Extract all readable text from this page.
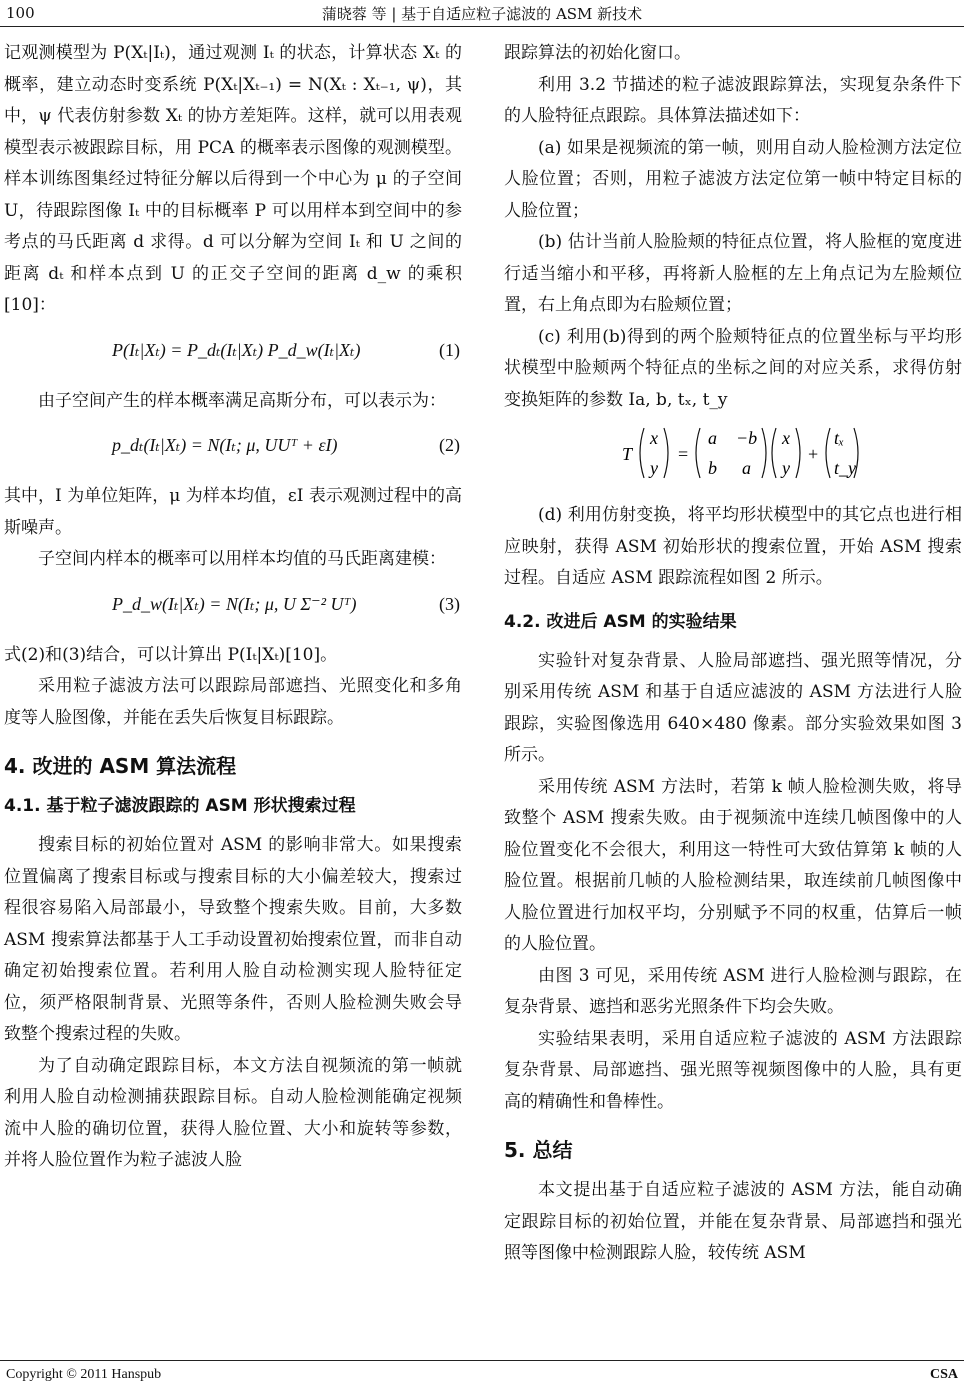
100	蒲晓蓉 等 | 基于自适应粒子滤波的 ASM 新技术

记观测模型为 P(Xₜ|Iₜ)，通过观测 Iₜ 的状态，计算状态 Xₜ 的概率，建立动态时变系统 P(Xₜ|Xₜ₋₁) = N(Xₜ : Xₜ₋₁, ψ)，其中，ψ 代表仿射参数 Xₜ 的协方差矩阵。这样，就可以用表观模型表示被跟踪目标，用 PCA 的概率表示图像的观测模型。样本训练图集经过特征分解以后得到一个中心为 μ 的子空间 U，待跟踪图像 Iₜ 中的目标概率 P 可以用样本到空间中的参考点的马氏距离 d 求得。d 可以分解为空间 Iₜ 和 U 之间的距离 dₜ 和样本点到 U 的正交子空间的距离 d_w 的乘积[10]：

P(Iₜ|Xₜ) = P_dₜ(Iₜ|Xₜ) P_d_w(Iₜ|Xₜ)	(1)

由子空间产生的样本概率满足高斯分布，可以表示为：

p_dₜ(Iₜ|Xₜ) = N(Iₜ; μ, UUᵀ + εI)	(2)

其中，I 为单位矩阵，μ 为样本均值，εI 表示观测过程中的高斯噪声。

子空间内样本的概率可以用样本均值的马氏距离建模：

P_d_w(Iₜ|Xₜ) = N(Iₜ; μ, U Σ⁻² Uᵀ)	(3)

式(2)和(3)结合，可以计算出 P(Iₜ|Xₜ)[10]。

采用粒子滤波方法可以跟踪局部遮挡、光照变化和多角度等人脸图像，并能在丢失后恢复目标跟踪。

4. 改进的 ASM 算法流程
4.1. 基于粒子滤波跟踪的 ASM 形状搜索过程

搜索目标的初始位置对 ASM 的影响非常大。如果搜索位置偏离了搜索目标或与搜索目标的大小偏差较大，搜索过程很容易陷入局部最小，导致整个搜索失败。目前，大多数 ASM 搜索算法都基于人工手动设置初始搜索位置，而非自动确定初始搜索位置。若利用人脸自动检测实现人脸特征定位，须严格限制背景、光照等条件，否则人脸检测失败会导致整个搜索过程的失败。

为了自动确定跟踪目标，本文方法自视频流的第一帧就利用人脸自动检测捕获跟踪目标。自动人脸检测能确定视频流中人脸的确切位置，获得人脸位置、大小和旋转等参数，并将人脸位置作为粒子滤波人脸

跟踪算法的初始化窗口。

利用 3.2 节描述的粒子滤波跟踪算法，实现复杂条件下的人脸特征点跟踪。具体算法描述如下：

(a) 如果是视频流的第一帧，则用自动人脸检测方法定位人脸位置；否则，用粒子滤波方法定位第一帧中特定目标的人脸位置；

(b) 估计当前人脸脸颊的特征点位置，将人脸框的宽度进行适当缩小和平移，再将新人脸框的左上角点记为左脸颊位置，右上角点即为右脸颊位置；

(c) 利用(b)得到的两个脸颊特征点的位置坐标与平均形状模型中脸颊两个特征点的坐标之间的对应关系，求得仿射变换矩阵的参数 Ia, b, tₓ, t_y

T
x
y
=
a −b
b a
x
y
+
tₓ
t_y

(d) 利用仿射变换，将平均形状模型中的其它点也进行相应映射，获得 ASM 初始形状的搜索位置，开始 ASM 搜索过程。自适应 ASM 跟踪流程如图 2 所示。

4.2. 改进后 ASM 的实验结果

实验针对复杂背景、人脸局部遮挡、强光照等情况，分别采用传统 ASM 和基于自适应滤波的 ASM 方法进行人脸跟踪，实验图像选用 640×480 像素。部分实验效果如图 3 所示。

采用传统 ASM 方法时，若第 k 帧人脸检测失败，将导致整个 ASM 搜索失败。由于视频流中连续几帧图像中的人脸位置变化不会很大，利用这一特性可大致估算第 k 帧的人脸位置。根据前几帧的人脸检测结果，取连续前几帧图像中人脸位置进行加权平均，分别赋予不同的权重，估算后一帧的人脸位置。

由图 3 可见，采用传统 ASM 进行人脸检测与跟踪，在复杂背景、遮挡和恶劣光照条件下均会失败。

实验结果表明，采用自适应粒子滤波的 ASM 方法跟踪复杂背景、局部遮挡、强光照等视频图像中的人脸，具有更高的精确性和鲁棒性。

5. 总结

本文提出基于自适应粒子滤波的 ASM 方法，能自动确定跟踪目标的初始位置，并能在复杂背景、局部遮挡和强光照等图像中检测跟踪人脸，较传统 ASM

Copyright © 2011 Hanspub	CSA
